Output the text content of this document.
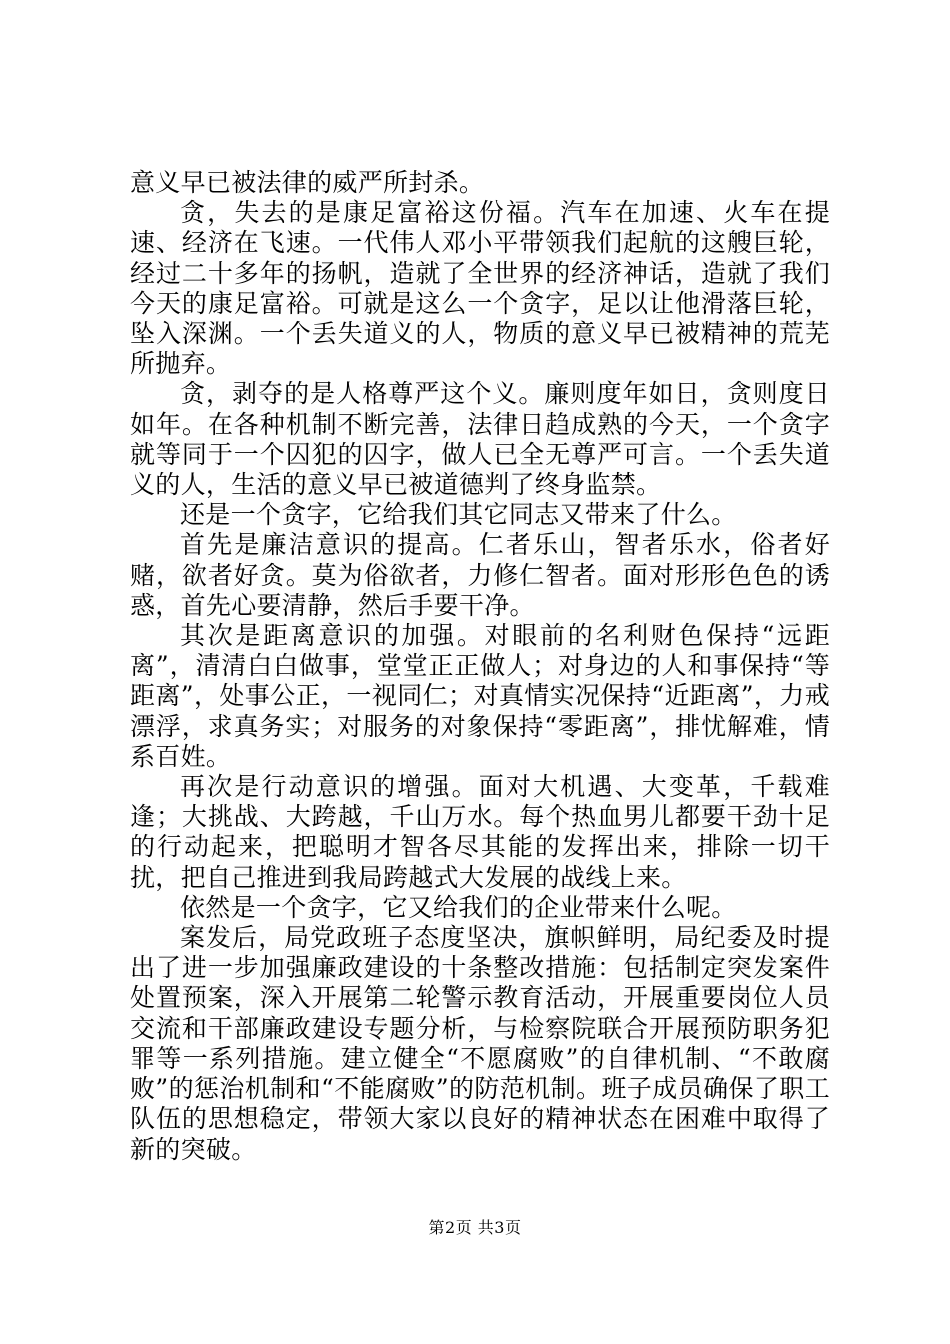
意义早已被法律的威严所封杀。

贪，失去的是康足富裕这份福。汽车在加速、火车在提速、经济在飞速。一代伟人邓小平带领我们起航的这艘巨轮，经过二十多年的扬帆，造就了全世界的经济神话，造就了我们今天的康足富裕。可就是这么一个贪字，足以让他滑落巨轮，坠入深渊。一个丢失道义的人，物质的意义早已被精神的荒芜所抛弃。

贪，剥夺的是人格尊严这个义。廉则度年如日，贪则度日如年。在各种机制不断完善，法律日趋成熟的今天，一个贪字就等同于一个囚犯的囚字，做人已全无尊严可言。一个丢失道义的人，生活的意义早已被道德判了终身监禁。

还是一个贪字，它给我们其它同志又带来了什么。

首先是廉洁意识的提高。仁者乐山，智者乐水，俗者好赌，欲者好贪。莫为俗欲者，力修仁智者。面对形形色色的诱惑，首先心要清静，然后手要干净。

其次是距离意识的加强。对眼前的名利财色保持“远距离”，清清白白做事，堂堂正正做人；对身边的人和事保持“等距离”，处事公正，一视同仁；对真情实况保持“近距离”，力戒漂浮，求真务实；对服务的对象保持“零距离”，排忧解难，情系百姓。

再次是行动意识的增强。面对大机遇、大变革，千载难逢；大挑战、大跨越，千山万水。每个热血男儿都要干劲十足的行动起来，把聪明才智各尽其能的发挥出来，排除一切干扰，把自己推进到我局跨越式大发展的战线上来。

依然是一个贪字，它又给我们的企业带来什么呢。

案发后，局党政班子态度坚决，旗帜鲜明，局纪委及时提出了进一步加强廉政建设的十条整改措施：包括制定突发案件处置预案，深入开展第二轮警示教育活动，开展重要岗位人员交流和干部廉政建设专题分析，与检察院联合开展预防职务犯罪等一系列措施。建立健全“不愿腐败”的自律机制、“不敢腐败”的惩治机制和“不能腐败”的防范机制。班子成员确保了职工队伍的思想稳定，带领大家以良好的精神状态在困难中取得了新的突破。

第2页 共3页
